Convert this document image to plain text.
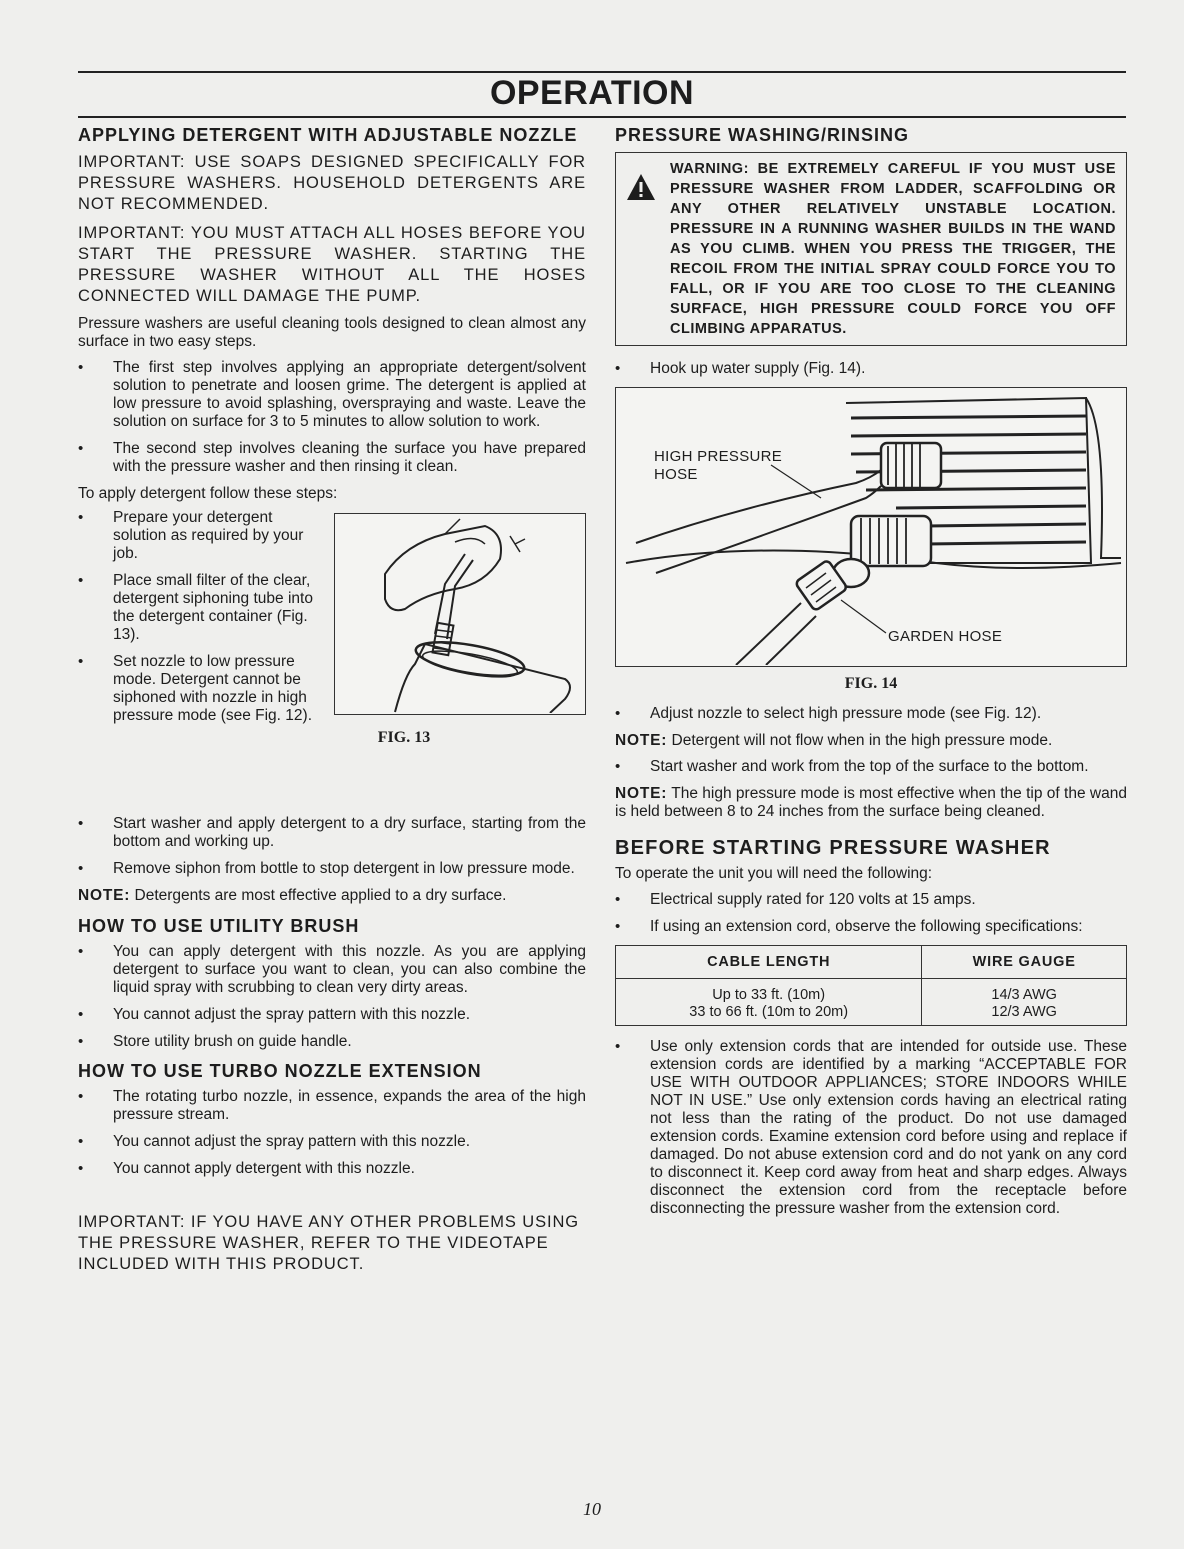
OPERATION
APPLYING DETERGENT WITH ADJUSTABLE NOZZLE

IMPORTANT: USE SOAPS DESIGNED SPECIFICALLY FOR PRESSURE WASHERS. HOUSEHOLD DETERGENTS ARE NOT RECOMMENDED.

IMPORTANT: YOU MUST ATTACH ALL HOSES BEFORE YOU START THE PRESSURE WASHER. STARTING THE PRESSURE WASHER WITHOUT ALL THE HOSES CONNECTED WILL DAMAGE THE PUMP.

Pressure washers are useful cleaning tools designed to clean almost any surface in two easy steps.

• The first step involves applying an appropriate detergent/solvent solution to penetrate and loosen grime. The detergent is applied at low pressure to avoid splashing, overspraying and waste. Leave the solution on surface for 3 to 5 minutes to allow solution to work.
• The second step involves cleaning the surface you have prepared with the pressure washer and then rinsing it clean.

To apply detergent follow these steps:

• Prepare your detergent solution as required by your job.
• Place small filter of the clear, detergent siphoning tube into the detergent container (Fig. 13).
• Set nozzle to low pressure mode. Detergent cannot be siphoned with nozzle in high pressure mode (see Fig. 12).
FIG. 13
• Start washer and apply detergent to a dry surface, starting from the bottom and working up.
• Remove siphon from bottle to stop detergent in low pressure mode.

NOTE: Detergents are most effective applied to a dry surface.

HOW TO USE UTILITY BRUSH
• You can apply detergent with this nozzle. As you are applying detergent to surface you want to clean, you can also combine the liquid spray with scrubbing to clean very dirty areas.
• You cannot adjust the spray pattern with this nozzle.
• Store utility brush on guide handle.
HOW TO USE TURBO NOZZLE EXTENSION
• The rotating turbo nozzle, in essence, expands the area of the high pressure stream.
• You cannot adjust the spray pattern with this nozzle.
• You cannot apply detergent with this nozzle.

IMPORTANT: IF YOU HAVE ANY OTHER PROBLEMS USING THE PRESSURE WASHER, REFER TO THE VIDEOTAPE INCLUDED WITH THIS PRODUCT.

PRESSURE WASHING/RINSING
WARNING: BE EXTREMELY CAREFUL IF YOU MUST USE PRESSURE WASHER FROM LADDER, SCAFFOLDING OR ANY OTHER RELATIVELY UNSTABLE LOCATION. PRESSURE IN A RUNNING WASHER BUILDS IN THE WAND AS YOU CLIMB. WHEN YOU PRESS THE TRIGGER, THE RECOIL FROM THE INITIAL SPRAY COULD FORCE YOU TO FALL, OR IF YOU ARE TOO CLOSE TO THE CLEANING SURFACE, HIGH PRESSURE COULD FORCE YOU OFF CLIMBING APPARATUS.
• Hook up water supply (Fig. 14).
HIGH PRESSURE
HOSE
GARDEN HOSE
FIG. 14
• Adjust nozzle to select high pressure mode (see Fig. 12).

NOTE: Detergent will not flow when in the high pressure mode.

• Start washer and work from the top of the surface to the bottom.

NOTE: The high pressure mode is most effective when the tip of the wand is held between 8 to 24 inches from the surface being cleaned.

BEFORE STARTING PRESSURE WASHER

To operate the unit you will need the following:

• Electrical supply rated for 120 volts at 15 amps.
• If using an extension cord, observe the following specifications:
CABLE LENGTH	WIRE GAUGE
Up to 33 ft. (10m)	14/3 AWG
33 to 66 ft. (10m to 20m)	12/3 AWG
• Use only extension cords that are intended for outside use. These extension cords are identified by a marking “ACCEPTABLE FOR USE WITH OUTDOOR APPLIANCES; STORE INDOORS WHILE NOT IN USE.” Use only extension cords having an electrical rating not less than the rating of the product. Do not use damaged extension cords. Examine extension cord before using and replace if damaged. Do not abuse extension cord and do not yank on any cord to disconnect it. Keep cord away from heat and sharp edges. Always disconnect the extension cord from the receptacle before disconnecting the pressure washer from the extension cord.
10
